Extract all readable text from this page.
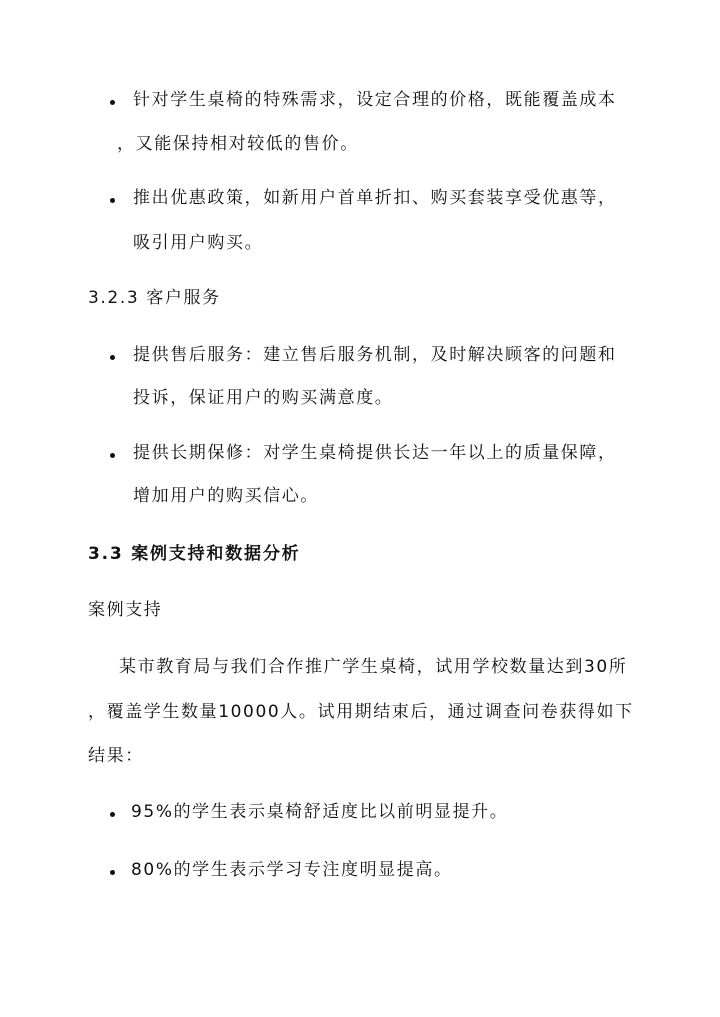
针对学生桌椅的特殊需求，设定合理的价格，既能覆盖成本
，又能保持相对较低的售价。
推出优惠政策，如新用户首单折扣、购买套装享受优惠等，
吸引用户购买。
3.2.3 客户服务
提供售后服务：建立售后服务机制，及时解决顾客的问题和
投诉，保证用户的购买满意度。
提供长期保修：对学生桌椅提供长达一年以上的质量保障，
增加用户的购买信心。
3.3 案例支持和数据分析
案例支持
某市教育局与我们合作推广学生桌椅，试用学校数量达到30所
，覆盖学生数量10000人。试用期结束后，通过调查问卷获得如下
结果：
95%的学生表示桌椅舒适度比以前明显提升。
80%的学生表示学习专注度明显提高。
